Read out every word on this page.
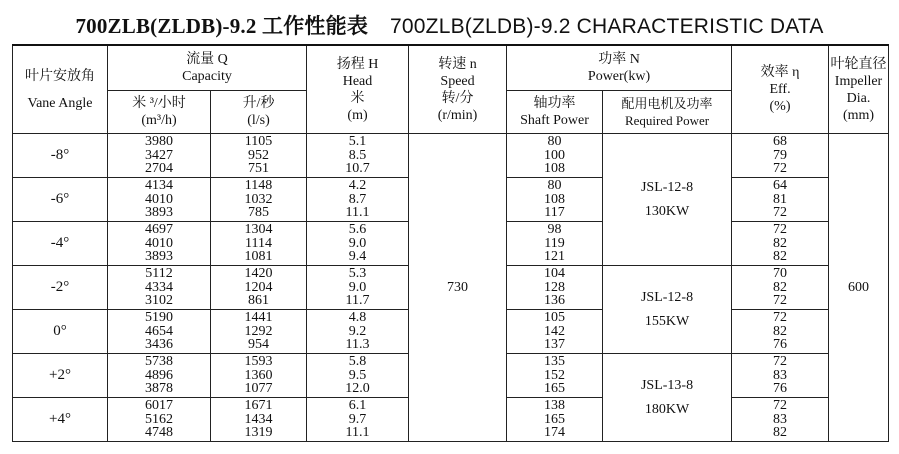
700ZLB(ZLDB)-9.2 工作性能表 700ZLB(ZLDB)-9.2 CHARACTERISTIC DATA
叶片安放角
Vane Angle	流量 Q
Capacity		扬程 H
Head
米
(m)	转速 n
Speed
转/分
(r/min)	功率 N
Power(kw)		效率 η
Eff.
(%)	叶轮直径
Impeller
Dia.
(mm)

	米 ³/小时
(m³/h)	升/秒
(l/s)			轴功率
Shaft Power	配用电机及功率
Required Power		

-8°	3980
3427
2704	1105
952
751	5.1
8.5
10.7	730	80
100
108	JSL-12-8
130KW	68
79
72	600

-6°	4134
4010
3893	1148
1032
785	4.2
8.7
11.1		80
108
117		64
81
72	

-4°	4697
4010
3893	1304
1114
1081	5.6
9.0
9.4		98
119
121		72
82
82	

-2°	5112
4334
3102	1420
1204
861	5.3
9.0
11.7		104
128
136	JSL-12-8
155KW	70
82
72	

0°	5190
4654
3436	1441
1292
954	4.8
9.2
11.3		105
142
137		72
82
76	

+2°	5738
4896
3878	1593
1360
1077	5.8
9.5
12.0		135
152
165	JSL-13-8
180KW	72
83
76	

+4°	6017
5162
4748	1671
1434
1319	6.1
9.7
11.1		138
165
174		72
83
82	
